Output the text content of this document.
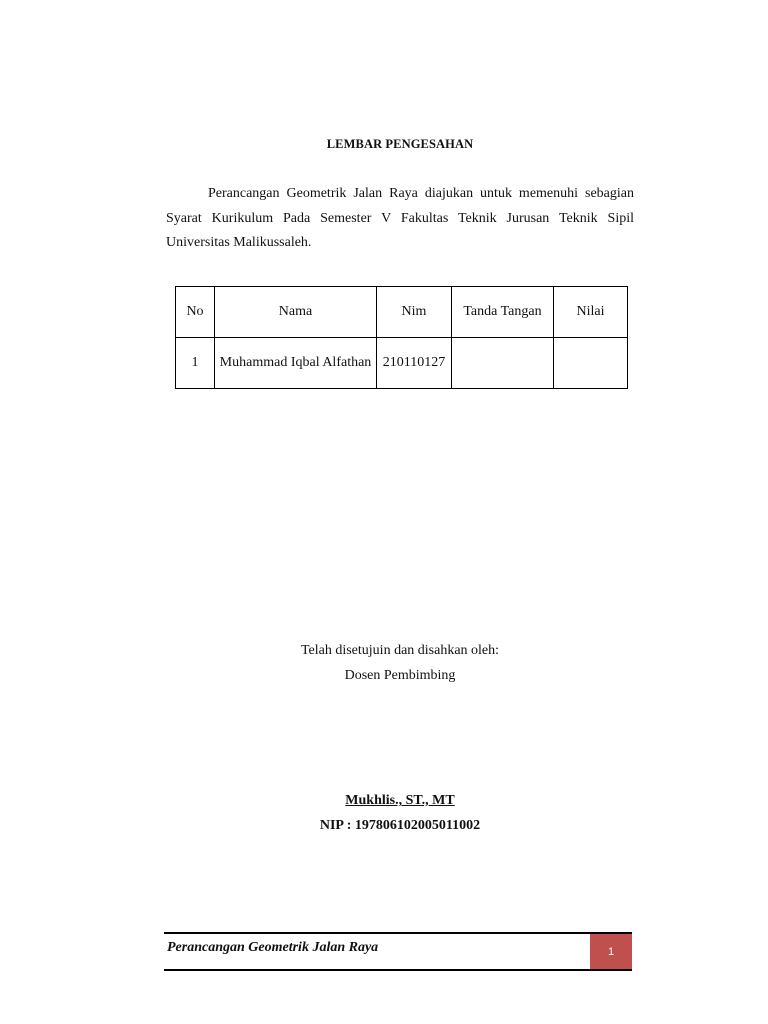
LEMBAR PENGESAHAN

Perancangan Geometrik Jalan Raya diajukan untuk memenuhi sebagian Syarat Kurikulum Pada Semester V Fakultas Teknik Jurusan Teknik Sipil Universitas Malikussaleh.

No	Nama	Nim	Tanda Tangan	Nilai
1	Muhammad Iqbal Alfathan	210110127		
Telah disetujuin dan disahkan oleh:
Dosen Pembimbing
Mukhlis., ST., MT
NIP : 197806102005011002
Perancangan Geometrik Jalan Raya	1
